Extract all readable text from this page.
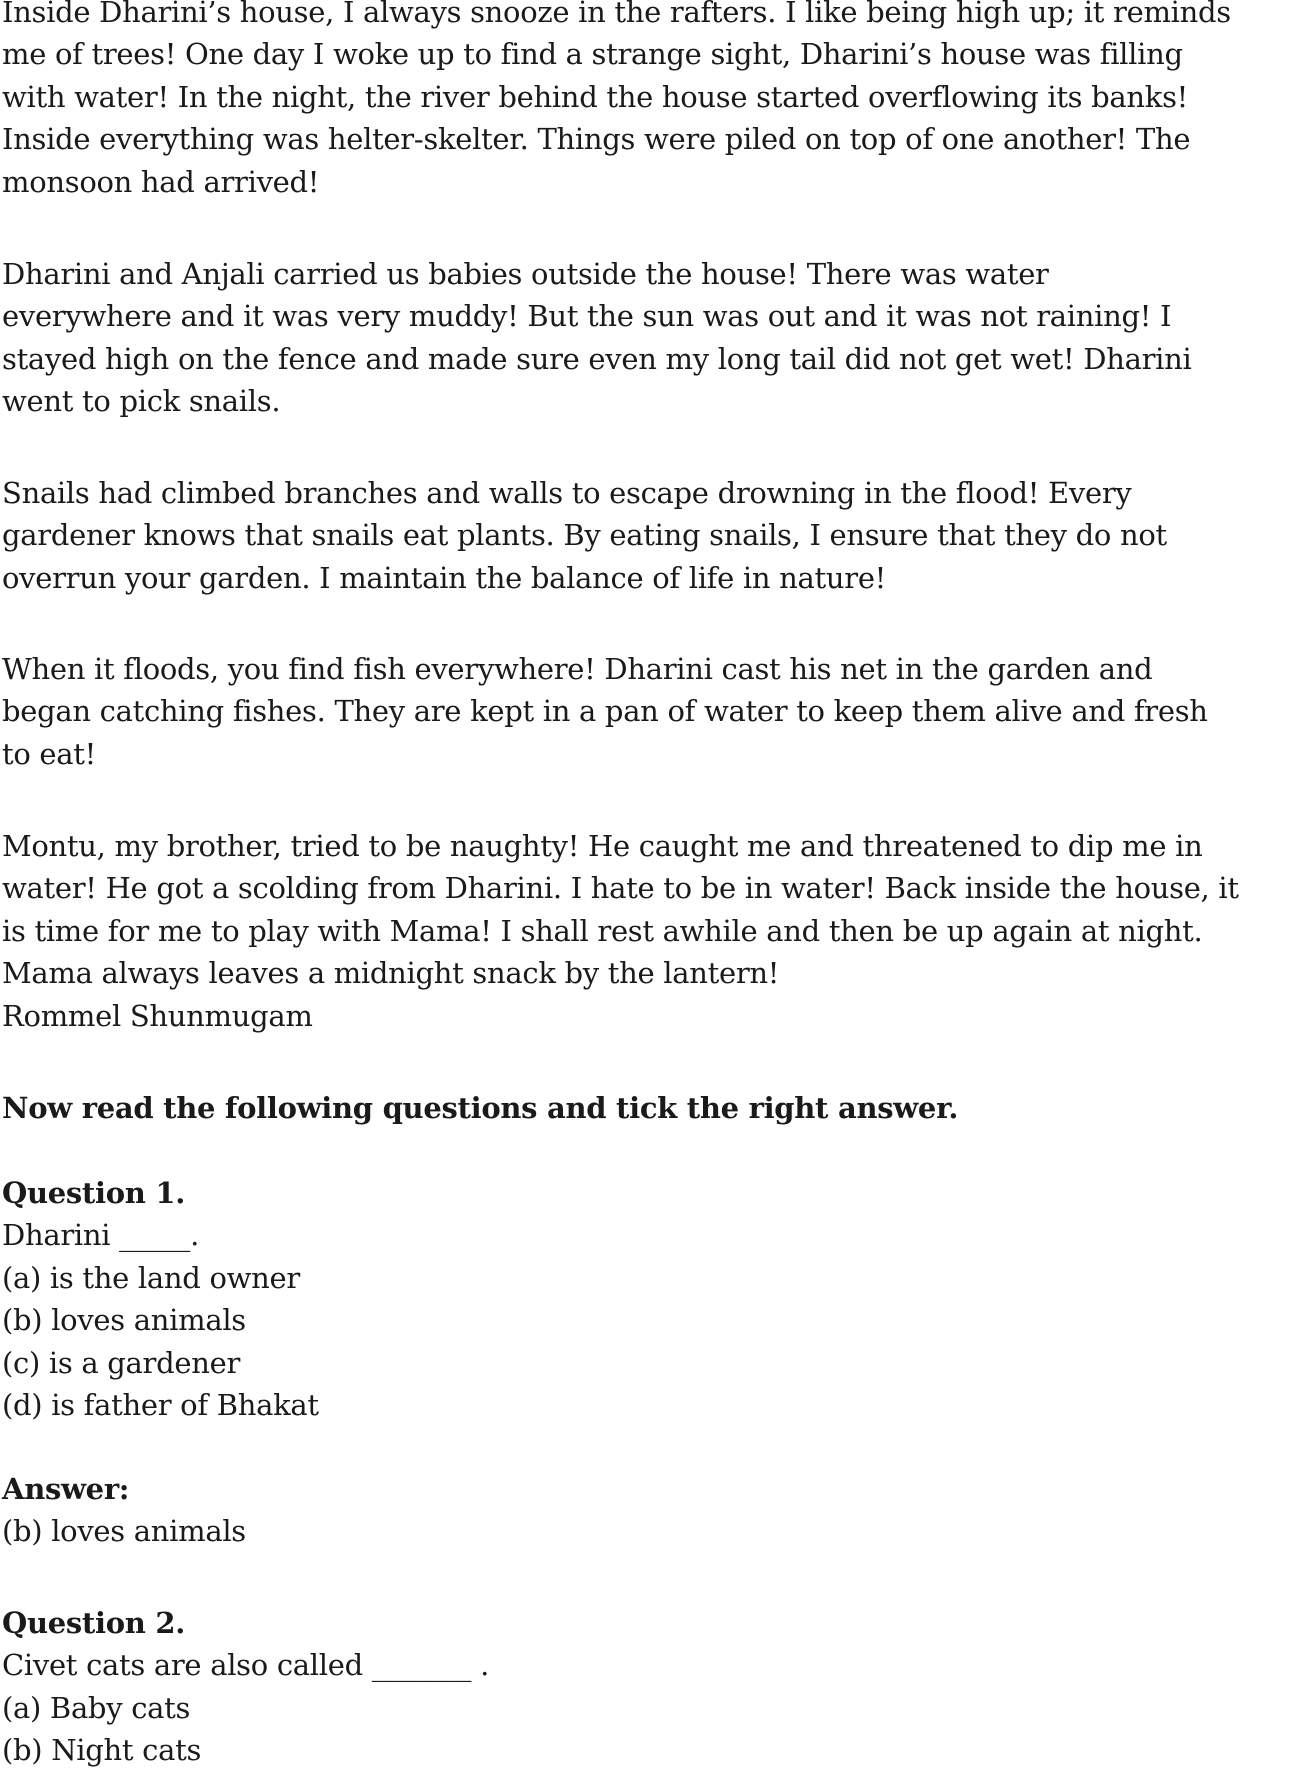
Inside Dharini’s house, I always snooze in the rafters. I like being high up; it reminds
me of trees! One day I woke up to find a strange sight, Dharini’s house was filling
with water! In the night, the river behind the house started overflowing its banks!
Inside everything was helter-skelter. Things were piled on top of one another! The
monsoon had arrived!
Dharini and Anjali carried us babies outside the house! There was water
everywhere and it was very muddy! But the sun was out and it was not raining! I
stayed high on the fence and made sure even my long tail did not get wet! Dharini
went to pick snails.
Snails had climbed branches and walls to escape drowning in the flood! Every
gardener knows that snails eat plants. By eating snails, I ensure that they do not
overrun your garden. I maintain the balance of life in nature!
When it floods, you find fish everywhere! Dharini cast his net in the garden and
began catching fishes. They are kept in a pan of water to keep them alive and fresh
to eat!
Montu, my brother, tried to be naughty! He caught me and threatened to dip me in
water! He got a scolding from Dharini. I hate to be in water! Back inside the house, it
is time for me to play with Mama! I shall rest awhile and then be up again at night.
Mama always leaves a midnight snack by the lantern!
Rommel Shunmugam
Now read the following questions and tick the right answer.
Question 1.
Dharini _____.
(a) is the land owner
(b) loves animals
(c) is a gardener
(d) is father of Bhakat
Answer:
(b) loves animals
Question 2.
Civet cats are also called _______ .
(a) Baby cats
(b) Night cats
